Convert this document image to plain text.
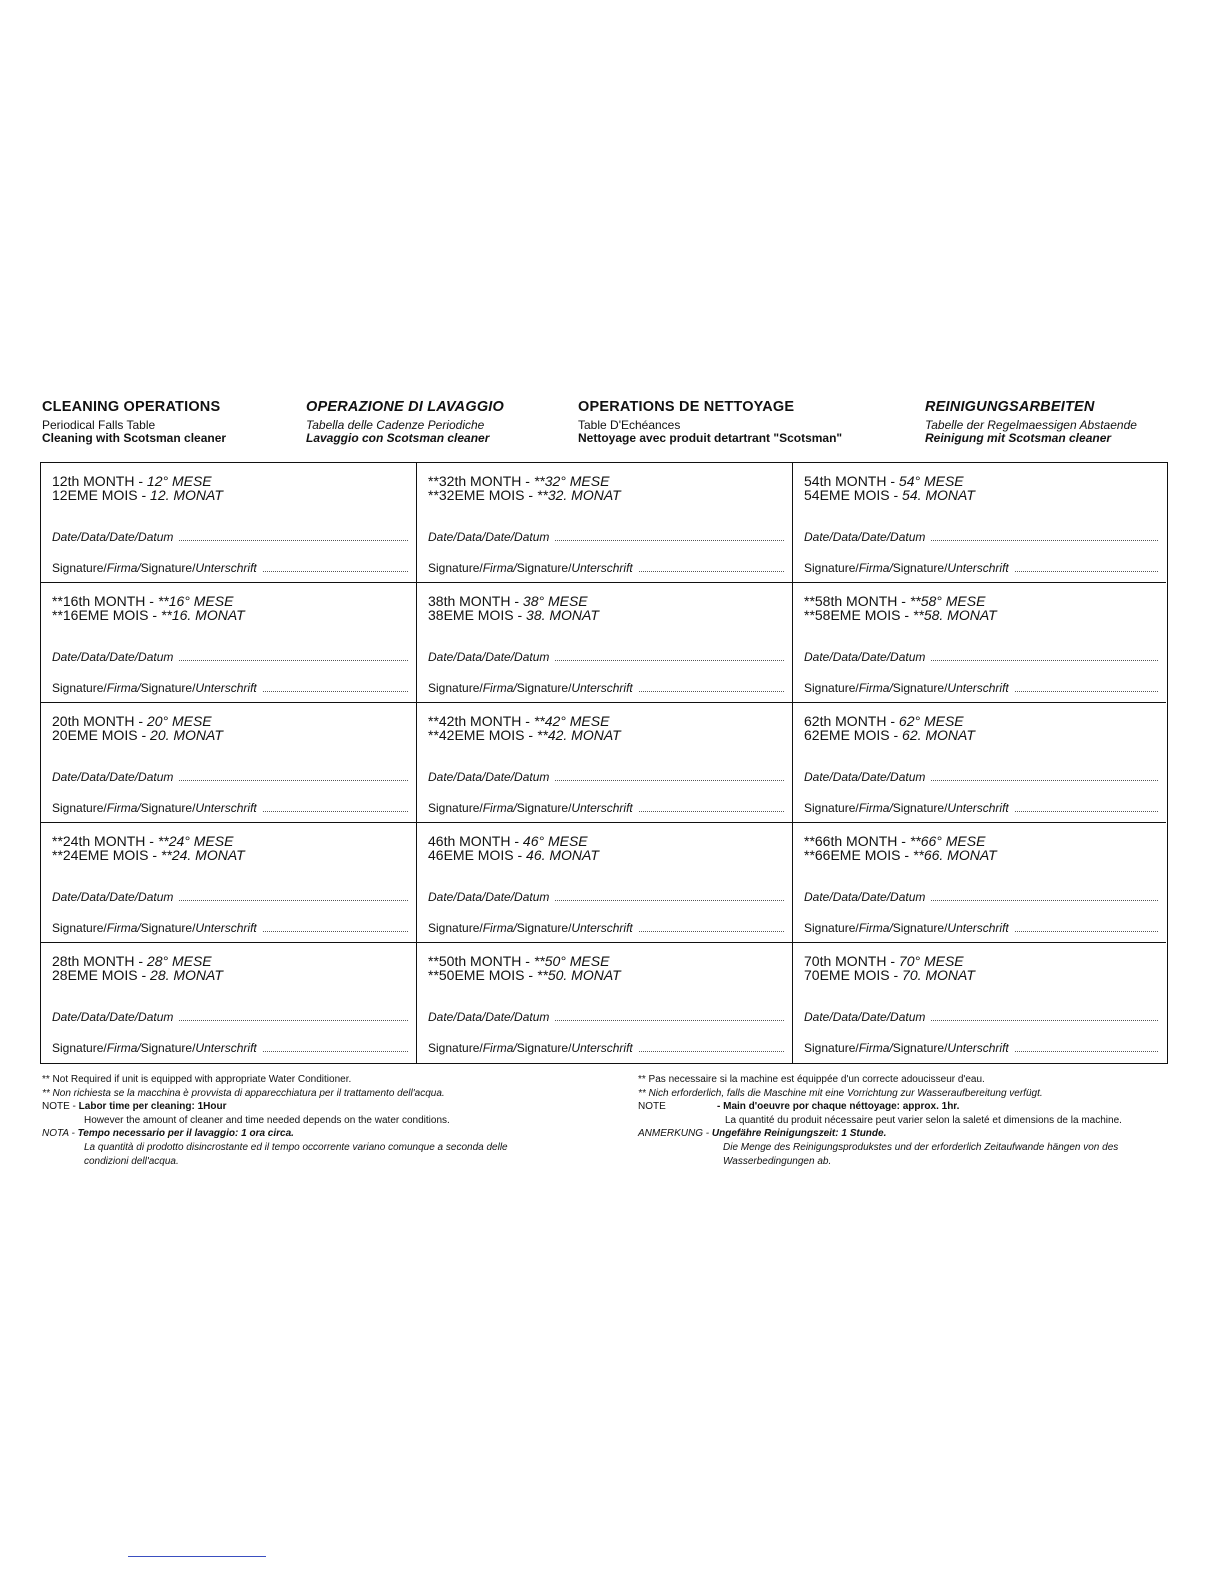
CLEANING OPERATIONS
Periodical Falls Table
Cleaning with Scotsman cleaner
OPERAZIONE DI LAVAGGIO
Tabella delle Cadenze Periodiche
Lavaggio con Scotsman cleaner
OPERATIONS DE NETTOYAGE
Table D'Echéances
Nettoyage avec produit detartrant "Scotsman"
REINIGUNGSARBEITEN
Tabelle der Regelmaessigen Abstaende
Reinigung mit Scotsman cleaner
12th MONTH - 12° MESE
12EME MOIS - 12. MONAT
Date/Data/Date/Datum
Signature/Firma/Signature/Unterschrift
**32th MONTH - **32° MESE
**32EME MOIS - **32. MONAT
Date/Data/Date/Datum
Signature/Firma/Signature/Unterschrift
54th MONTH - 54° MESE
54EME MOIS - 54. MONAT
Date/Data/Date/Datum
Signature/Firma/Signature/Unterschrift
**16th MONTH - **16° MESE
**16EME MOIS - **16. MONAT
Date/Data/Date/Datum
Signature/Firma/Signature/Unterschrift
38th MONTH - 38° MESE
38EME MOIS - 38. MONAT
Date/Data/Date/Datum
Signature/Firma/Signature/Unterschrift
**58th MONTH - **58° MESE
**58EME MOIS - **58. MONAT
Date/Data/Date/Datum
Signature/Firma/Signature/Unterschrift
20th MONTH - 20° MESE
20EME MOIS - 20. MONAT
Date/Data/Date/Datum
Signature/Firma/Signature/Unterschrift
**42th MONTH - **42° MESE
**42EME MOIS - **42. MONAT
Date/Data/Date/Datum
Signature/Firma/Signature/Unterschrift
62th MONTH - 62° MESE
62EME MOIS - 62. MONAT
Date/Data/Date/Datum
Signature/Firma/Signature/Unterschrift
**24th MONTH - **24° MESE
**24EME MOIS - **24. MONAT
Date/Data/Date/Datum
Signature/Firma/Signature/Unterschrift
46th MONTH - 46° MESE
46EME MOIS - 46. MONAT
Date/Data/Date/Datum
Signature/Firma/Signature/Unterschrift
**66th MONTH - **66° MESE
**66EME MOIS - **66. MONAT
Date/Data/Date/Datum
Signature/Firma/Signature/Unterschrift
28th MONTH - 28° MESE
28EME MOIS - 28. MONAT
Date/Data/Date/Datum
Signature/Firma/Signature/Unterschrift
**50th MONTH - **50° MESE
**50EME MOIS - **50. MONAT
Date/Data/Date/Datum
Signature/Firma/Signature/Unterschrift
70th MONTH - 70° MESE
70EME MOIS - 70. MONAT
Date/Data/Date/Datum
Signature/Firma/Signature/Unterschrift
** Not Required if unit is equipped with appropriate Water Conditioner.
** Non richiesta se la macchina è provvista di apparecchiatura per il trattamento dell'acqua.
NOTE - Labor time per cleaning: 1Hour
However the amount of cleaner and time needed depends on the water conditions.
NOTA - Tempo necessario per il lavaggio: 1 ora circa.
La quantità di prodotto disincrostante ed il tempo occorrente variano comunque a seconda delle
condizioni dell'acqua.
** Pas necessaire si la machine est équippée d'un correcte adoucisseur d'eau.
** Nich erforderlich, falls die Maschine mit eine Vorrichtung zur Wasseraufbereitung verfügt.
NOTE	- Main d'oeuvre por chaque néttoyage: approx. 1hr.
La quantité du produit nécessaire peut varier selon la saleté et dimensions de la machine.
ANMERKUNG - Ungefähre Reinigungszeit: 1 Stunde.
Die Menge des Reinigungsprodukstes und der erforderlich Zeitaufwande hängen von des
Wasserbedingungen ab.
